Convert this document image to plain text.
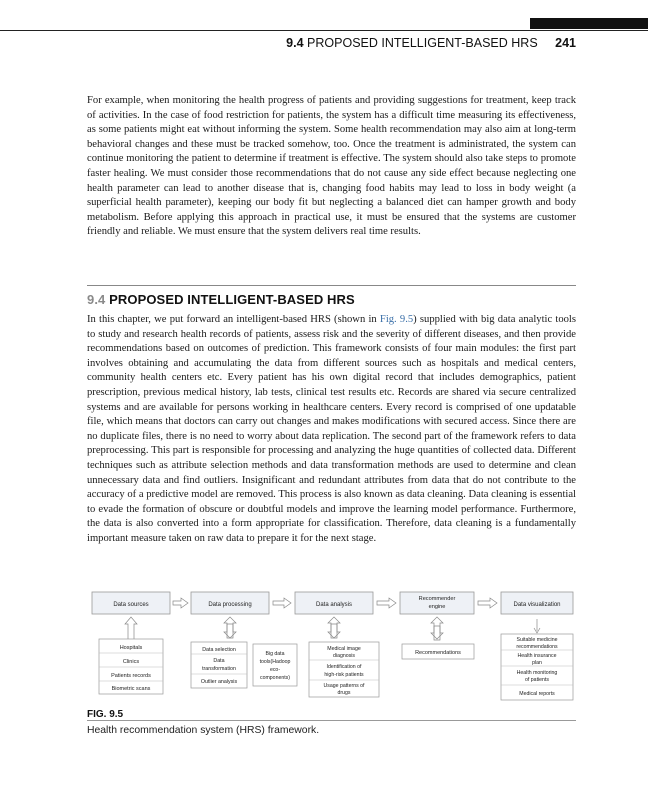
9.4 PROPOSED INTELLIGENT-BASED HRS 241

For example, when monitoring the health progress of patients and providing suggestions for treatment, keep track of activities. In the case of food restriction for patients, the system has a difficult time measuring its effectiveness, as some patients might eat without informing the system. Some health recommendation may also aim at long-term behavioral changes and these must be tracked somehow, too. Once the treatment is administrated, the system can continue monitoring the patient to determine if treatment is effective. The system should also take steps to promote faster healing. We must consider those recommendations that do not cause any side effect because neglecting one health parameter can lead to another disease that is, changing food habits may lead to loss in body weight (a superficial health parameter), keeping our body fit but neglecting a balanced diet can hamper growth and body metabolism. Before applying this approach in practical use, it must be ensured that the systems are customer friendly and reliable. We must ensure that the system delivers real time results.

9.4 PROPOSED INTELLIGENT-BASED HRS

In this chapter, we put forward an intelligent-based HRS (shown in Fig. 9.5) supplied with big data analytic tools to study and research health records of patients, assess risk and the severity of different diseases, and then provide recommendations based on outcomes of prediction. This framework consists of four main modules: the first part involves obtaining and accumulating the data from different sources such as hospitals and medical centers, community health centers etc. Every patient has his own digital record that includes demographics, patient prescription, previous medical history, lab tests, clinical test results etc. Records are shared via secure centralized systems and are available for persons working in healthcare centers. Every record is comprised of one updatable file, which means that doctors can carry out changes and makes modifications with secured access. Since there are no duplicate files, there is no need to worry about data replication. The second part of the framework refers to data preprocessing. This part is responsible for processing and analyzing the huge quantities of collected data. Different techniques such as attribute selection methods and data transformation methods are used to determine and clean unnecessary data and find outliers. Insignificant and redundant attributes from data that do not contribute to the accuracy of a predictive model are removed. This process is also known as data cleaning. Data cleaning is essential to evade the formation of obscure or doubtful models and improve the learning model performance. Furthermore, the data is also converted into a form appropriate for classification. Therefore, data cleaning is a fundamentally important measure taken on raw data to prepare it for the next stage.

Data sources	Data processing	Data analysis
Recommender
engine	Data visualization
Hospitals
Clinics
Patients records
Biometric scans
Data selection
Data
transformation
Outlier analysis
Big data
tools(Hadoop
eco-
components)
Medical image
diagnosis
Identification of
high-risk patients
Usage patterns of
drugs
Recommendations
Suitable medicine
recommendations
Health insurance
plan
Health monitoring
of patients
Medical reports
FIG. 9.5
Health recommendation system (HRS) framework.
